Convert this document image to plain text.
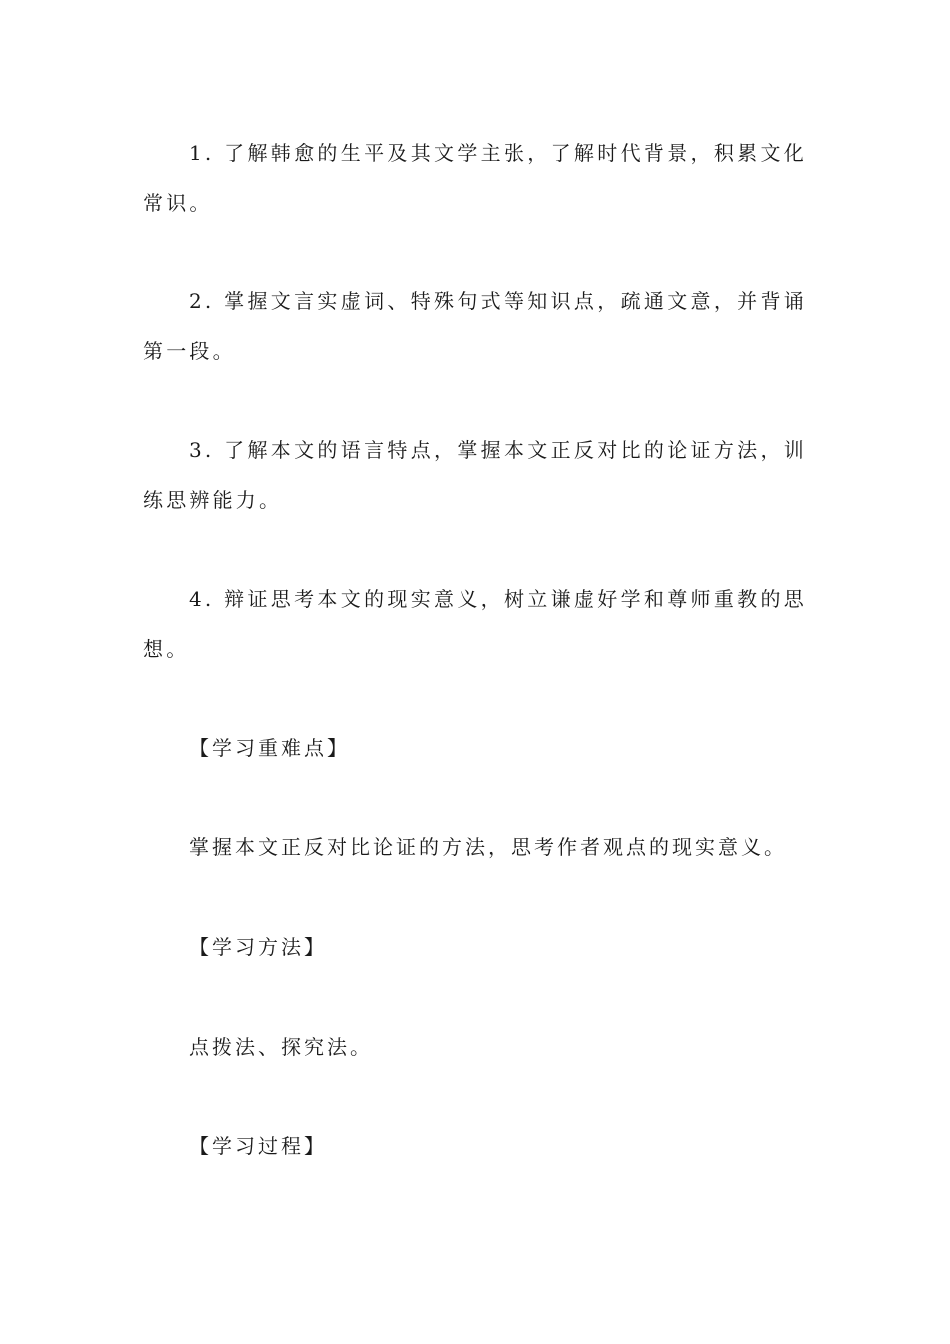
1. 了解韩愈的生平及其文学主张，了解时代背景，积累文化常识。

2. 掌握文言实虚词、特殊句式等知识点，疏通文意，并背诵第一段。

3. 了解本文的语言特点，掌握本文正反对比的论证方法，训练思辨能力。

4. 辩证思考本文的现实意义，树立谦虚好学和尊师重教的思想。

【学习重难点】

掌握本文正反对比论证的方法，思考作者观点的现实意义。

【学习方法】

点拨法、探究法。

【学习过程】
